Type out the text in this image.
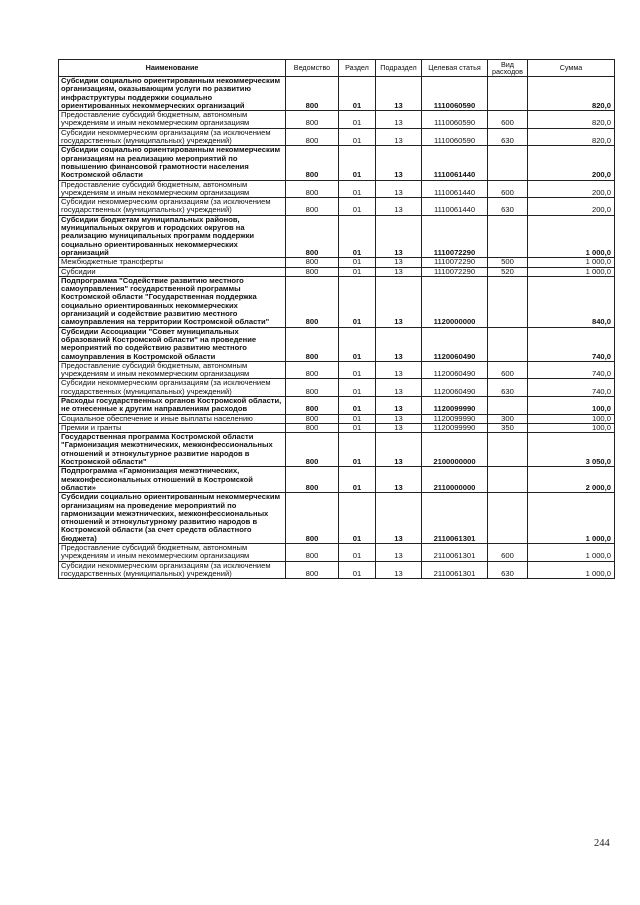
Наименование	Ведомство	Раздел	Подраздел	Целевая статья	Вид расходов	Сумма
Субсидии социально ориентированным некоммерческим организациям, оказывающим услуги по развитию инфраструктуры поддержки социально ориентированных некоммерческих организаций	800	01	13	1110060590		820,0
Предоставление субсидий бюджетным, автономным учреждениям и иным некоммерческим организациям	800	01	13	1110060590	600	820,0
Субсидии некоммерческим организациям (за исключением государственных (муниципальных) учреждений)	800	01	13	1110060590	630	820,0
Субсидии социально ориентированным некоммерческим организациям на реализацию мероприятий по повышению финансовой грамотности населения Костромской области	800	01	13	1110061440		200,0
Предоставление субсидий бюджетным, автономным учреждениям и иным некоммерческим организациям	800	01	13	1110061440	600	200,0
Субсидии некоммерческим организациям (за исключением государственных (муниципальных) учреждений)	800	01	13	1110061440	630	200,0
Субсидии бюджетам муниципальных районов, муниципальных округов и городских округов на реализацию муниципальных программ поддержки социально ориентированных некоммерческих организаций	800	01	13	1110072290		1 000,0
Межбюджетные трансферты	800	01	13	1110072290	500	1 000,0
Субсидии	800	01	13	1110072290	520	1 000,0
Подпрограмма "Содействие развитию местного самоуправления" государственной программы Костромской области "Государственная поддержка социально ориентированных некоммерческих организаций и содействие развитию местного самоуправления на территории Костромской области"	800	01	13	1120000000		840,0
Субсидии Ассоциации "Совет муниципальных образований Костромской области" на проведение мероприятий по содействию развитию местного самоуправления в Костромской области	800	01	13	1120060490		740,0
Предоставление субсидий бюджетным, автономным учреждениям и иным некоммерческим организациям	800	01	13	1120060490	600	740,0
Субсидии некоммерческим организациям (за исключением государственных (муниципальных) учреждений)	800	01	13	1120060490	630	740,0
Расходы государственных органов Костромской области, не отнесенные к другим направлениям расходов	800	01	13	1120099990		100,0
Социальное обеспечение и иные выплаты населению	800	01	13	1120099990	300	100,0
Премии и гранты	800	01	13	1120099990	350	100,0
Государственная программа Костромской области "Гармонизация межэтнических, межконфессиональных отношений и этнокультурное развитие народов в Костромской области"	800	01	13	2100000000		3 050,0
Подпрограмма «Гармонизация межэтнических, межконфессиональных отношений в Костромской области»	800	01	13	2110000000		2 000,0
Субсидии социально ориентированным некоммерческим организациям на проведение мероприятий по гармонизации межэтнических, межконфессиональных отношений и этнокультурному развитию народов в Костромской области (за счет средств областного бюджета)	800	01	13	2110061301		1 000,0
Предоставление субсидий бюджетным, автономным учреждениям и иным некоммерческим организациям	800	01	13	2110061301	600	1 000,0
Субсидии некоммерческим организациям (за исключением государственных (муниципальных) учреждений)	800	01	13	2110061301	630	1 000,0
244
